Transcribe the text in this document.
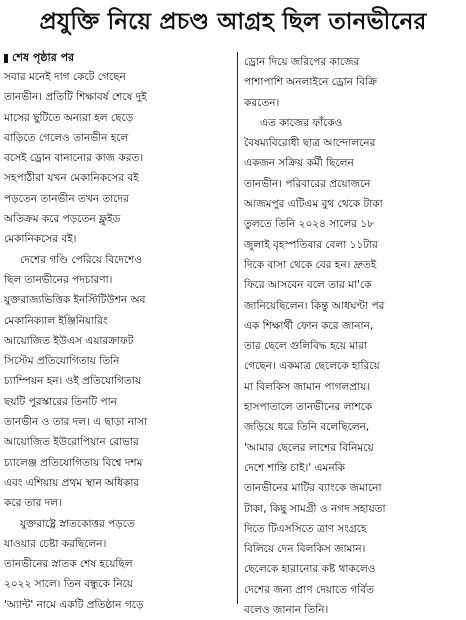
প্রযুক্তি নিয়ে প্রচণ্ড আগ্রহ ছিল তানভীনের
শেষ পৃষ্ঠার পর
সবার মনেই দাগ কেটে গেছেন
তানভীন। প্রতিটি শিক্ষাবর্ষ শেষে দুই
মাসের ছুটিতে অন্যরা হল ছেড়ে
বাড়িতে গেলেও তানভীন হলে
বসেই ড্রোন বানানোর কাজ করত।
সহপাঠীরা যখন মেকানিকসের বই
পড়তেন তানভীন তখন তাদের
অতিক্রম করে পড়তেন ফ্লুইড
মেকানিকসের বই।
দেশের গণ্ডি পেরিয়ে বিদেশেও
ছিল তানভীনের পদচারণা।
যুক্তরাজ্যভিত্তিক ইনস্টিটিউশন অব
মেকানিক্যাল ইঞ্জিনিয়ারিং
আয়োজিত ইউএস এয়ারক্রাফট
সিস্টেম প্রতিযোগিতায় তিনি
চ্যাম্পিয়ন হন। ওই প্রতিযোগিতায়
ছয়টি পুরস্কারের তিনটি পান
তানভীন ও তার দল। এ ছাড়া নাসা
আয়োজিত ইউরোপিয়ান রোভার
চ্যালেঞ্জ প্রতিযোগিতায় বিশ্বে দশম
এবং এশিয়ায় প্রথম স্থান অধিকার
করে তার দল।
যুক্তরাষ্ট্রে স্নাতকোত্তর পড়তে
যাওয়ার চেষ্টা করছিলেন।
তানভীনের স্নাতক শেষ হয়েছিল
২০২২ সালে। তিন বন্ধুকে নিয়ে
'অ্যান্ট' নামে একটি প্রতিষ্ঠান গড়ে
ড্রোন দিয়ে জরিপের কাজের
পাশাপাশি অনলাইনে ড্রোন বিক্রি
করতেন।
এত কাজের ফাঁকেও
বৈষম্যবিরোধী ছাত্র আন্দোলনের
একজন সক্রিয় কর্মী ছিলেন
তানভীন। পরিবারের প্রয়োজনে
আজমপুর এটিএম বুথ থেকে টাকা
তুলতে তিনি ২০২৪ সালের ১৮
জুলাই বৃহস্পতিবার বেলা ১১টার
দিকে বাসা থেকে বের হন। দ্রুতই
ফিরে আসবেন বলে তার মা'কে
জানিয়েছিলেন। কিন্তু আধঘণ্টা পর
এক শিক্ষার্থী ফোন করে জানান,
তার ছেলে গুলিবিদ্ধ হয়ে মারা
গেছেন। একমাত্র ছেলেকে হারিয়ে
মা বিলকিস জামান পাগলপ্রায়।
হাসপাতালে তানভীনের লাশকে
জড়িয়ে ধরে তিনি বলেছিলেন,
'আমার ছেলের লাশের বিনিময়ে
দেশে শান্তি চাই।' এমনকি
তানভীনের মাটির ব্যাংকে জমানো
টাকা, কিছু সামগ্রী ও নগদ সহায়তা
দিতে টিএসসিতে ত্রাণ সংগ্রহে
বিলিয়ে দেন বিলকিস জামান।
ছেলেকে হারানোর কষ্ট থাকলেও
দেশের জন্য প্রাণ দেয়াতে গর্বিত
বলেও জানান তিনি।
